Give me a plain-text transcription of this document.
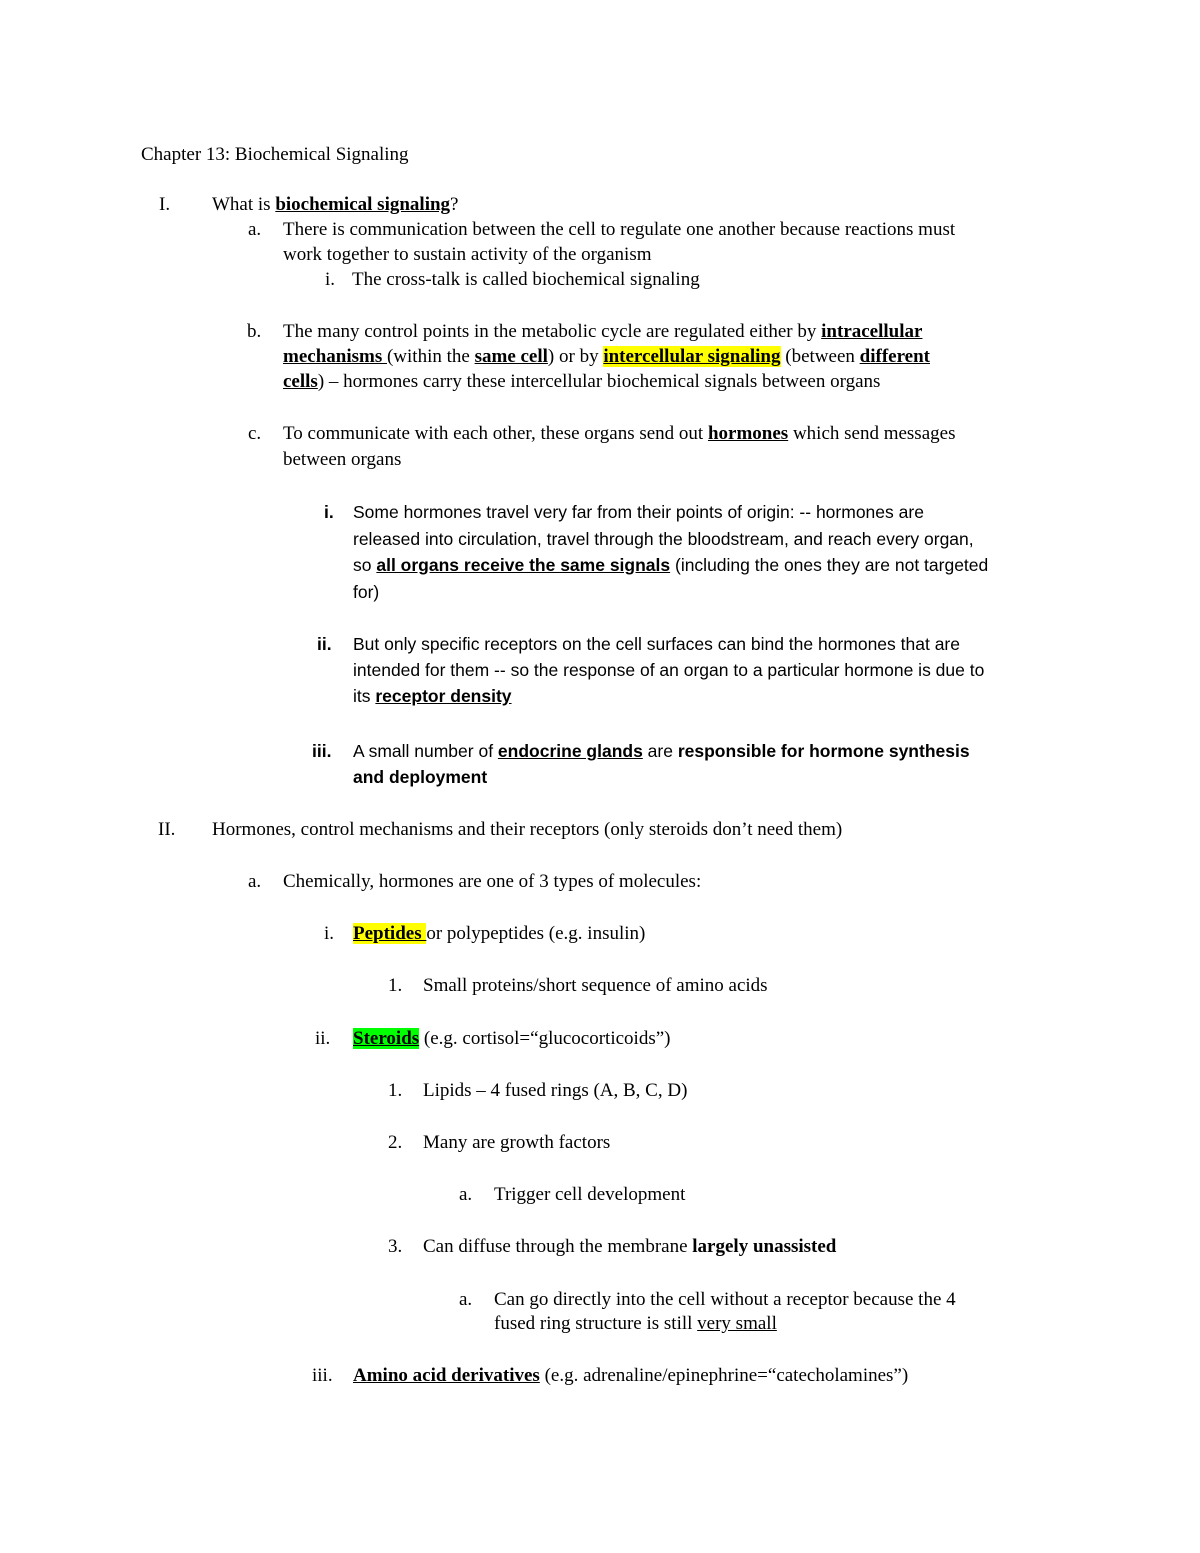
Chapter 13: Biochemical Signaling
I. What is biochemical signaling?
a. There is communication between the cell to regulate one another because reactions must
work together to sustain activity of the organism
i. The cross-talk is called biochemical signaling
b. The many control points in the metabolic cycle are regulated either by intracellular
mechanisms (within the same cell) or by intercellular signaling (between different
cells) – hormones carry these intercellular biochemical signals between organs
c. To communicate with each other, these organs send out hormones which send messages
between organs
i. Some hormones travel very far from their points of origin: -- hormones are
released into circulation, travel through the bloodstream, and reach every organ,
so all organs receive the same signals (including the ones they are not targeted
for)
ii. But only specific receptors on the cell surfaces can bind the hormones that are
intended for them -- so the response of an organ to a particular hormone is due to
its receptor density
iii. A small number of endocrine glands are responsible for hormone synthesis
and deployment
II. Hormones, control mechanisms and their receptors (only steroids don’t need them)
a. Chemically, hormones are one of 3 types of molecules:
i. Peptides or polypeptides (e.g. insulin)
1. Small proteins/short sequence of amino acids
ii. Steroids (e.g. cortisol=“glucocorticoids”)
1. Lipids – 4 fused rings (A, B, C, D)
2. Many are growth factors
a. Trigger cell development
3. Can diffuse through the membrane largely unassisted
a. Can go directly into the cell without a receptor because the 4
fused ring structure is still very small
iii. Amino acid derivatives (e.g. adrenaline/epinephrine=“catecholamines”)
